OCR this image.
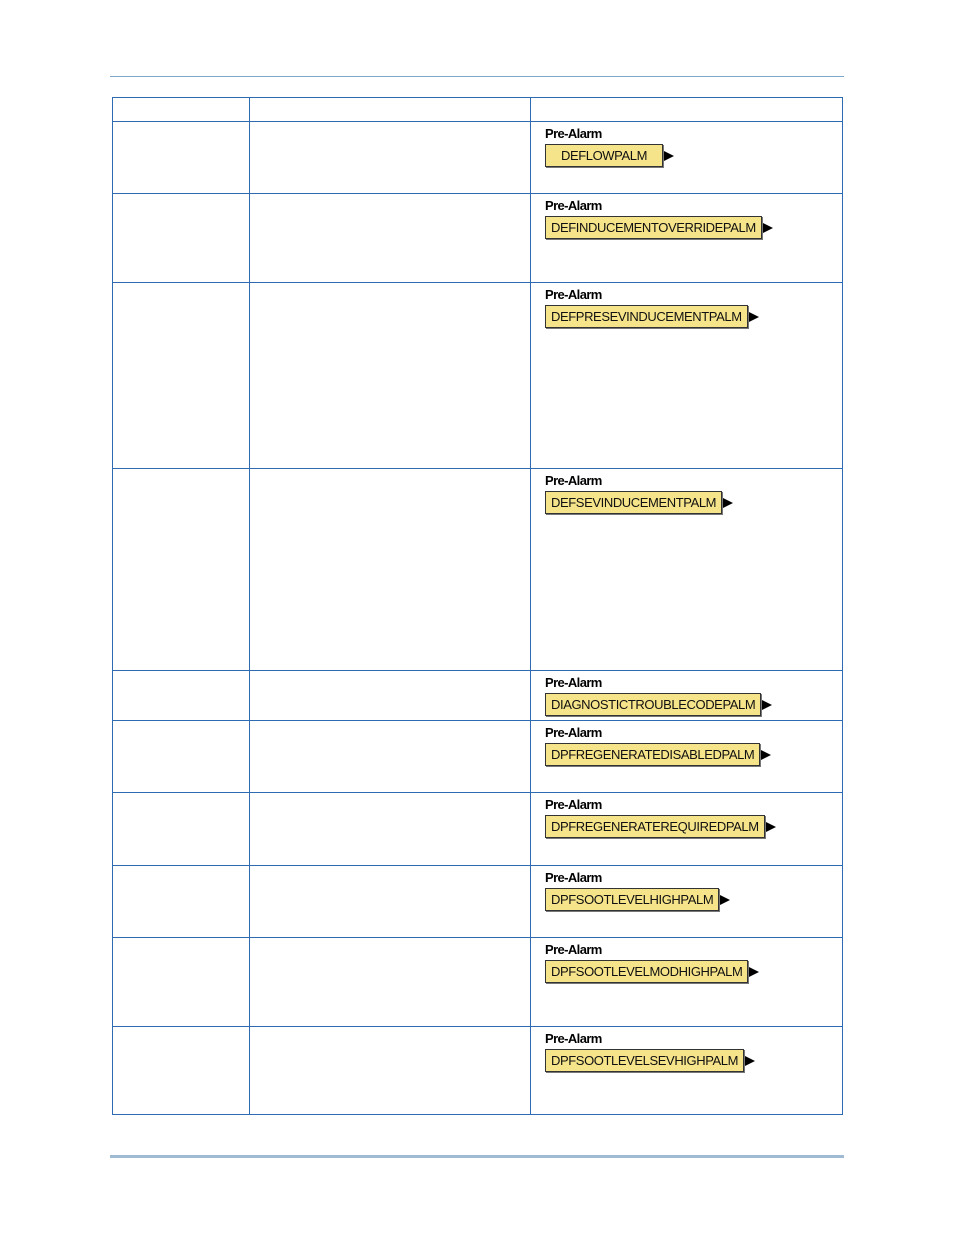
		Pre-Alarm
DEFLOWPALM

		Pre-Alarm
DEFINDUCEMENTOVERRIDEPALM

		Pre-Alarm
DEFPRESEVINDUCEMENTPALM

		Pre-Alarm
DEFSEVINDUCEMENTPALM

		Pre-Alarm
DIAGNOSTICTROUBLECODEPALM

		Pre-Alarm
DPFREGENERATEDISABLEDPALM

		Pre-Alarm
DPFREGENERATEREQUIREDPALM

		Pre-Alarm
DPFSOOTLEVELHIGHPALM

		Pre-Alarm
DPFSOOTLEVELMODHIGHPALM

		Pre-Alarm
DPFSOOTLEVELSEVHIGHPALM
